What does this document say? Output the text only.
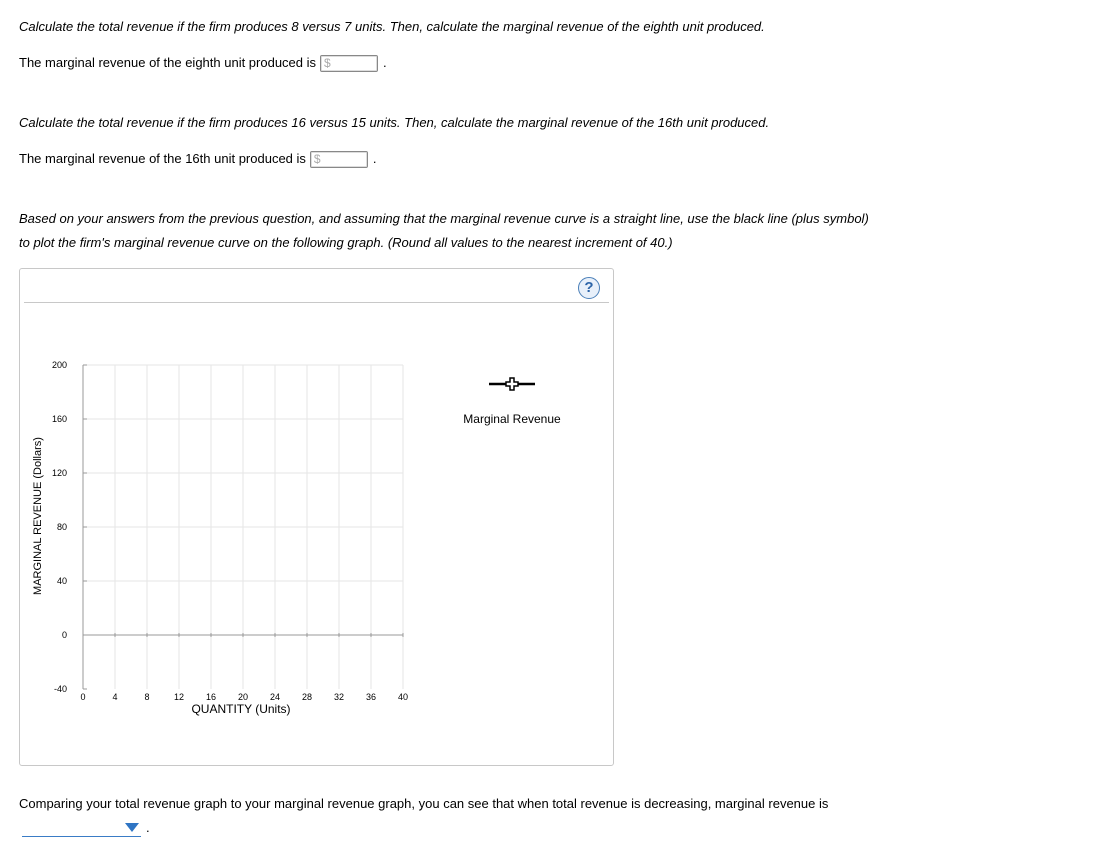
Calculate the total revenue if the firm produces 8 versus 7 units. Then, calculate the marginal revenue of the eighth unit produced.
The marginal revenue of the eighth unit produced is $	.
Calculate the total revenue if the firm produces 16 versus 15 units. Then, calculate the marginal revenue of the 16th unit produced.
The marginal revenue of the 16th unit produced is $	.
Based on your answers from the previous question, and assuming that the marginal revenue curve is a straight line, use the black line (plus symbol)
to plot the firm's marginal revenue curve on the following graph. (Round all values to the nearest increment of 40.)
?
-40
0
40
80
120
160
200
0	4	8	12 16 20 24 28 32 36 40
QUANTITY (Units)
MARGINAL REVENUE (Dollars)
Marginal Revenue
Comparing your total revenue graph to your marginal revenue graph, you can see that when total revenue is decreasing, marginal revenue is
.
